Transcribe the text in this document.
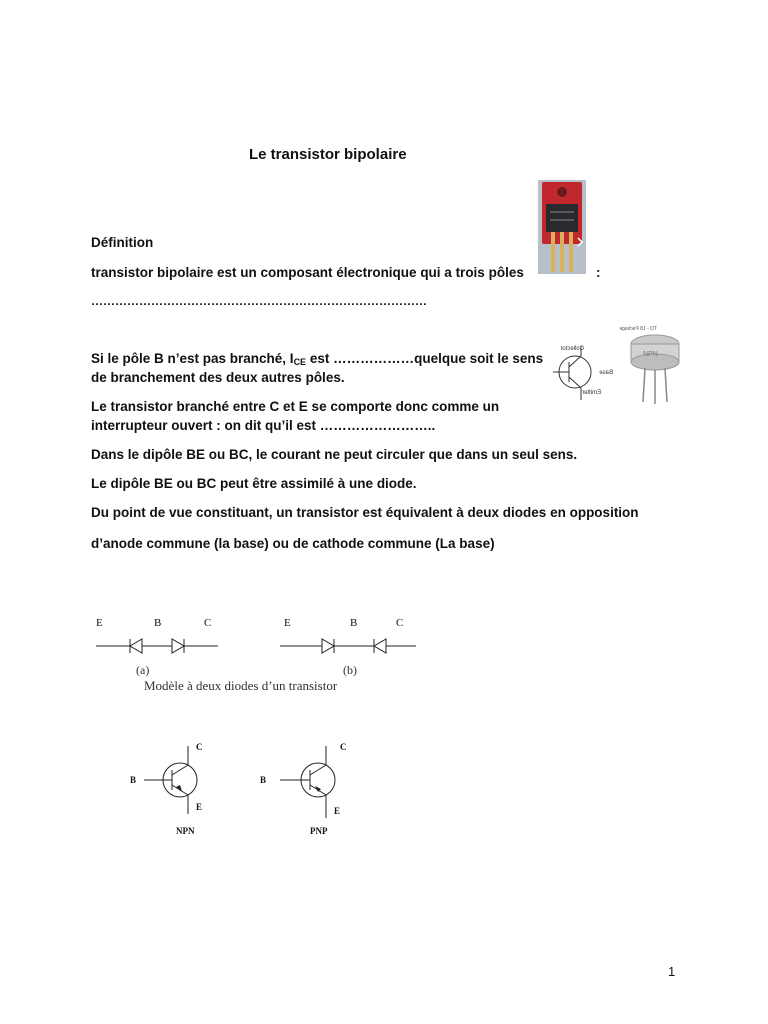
Le transistor bipolaire
Définition
transistor bipolaire est un composant électronique qui a trois pôles	:
…………………………………………………………………………
Si le pôle B n’est pas branché, $I_{CE}$ est ………………quelque soit le sens
de branchement des deux autres pôles.
Le transistor branché entre C et E se comporte donc comme un
interrupteur ouvert : on dit qu’il est ……………………..
Dans le dipôle BE ou BC, le courant ne peut circuler que dans un seul sens.
Le dipôle BE ou BC peut être assimilé à une diode.
Du point de vue constituant, un transistor est équivalent à deux diodes en opposition
d’anode commune (la base) ou de cathode commune (La base)
Collector
Base
Emitter
TO - 18 Package
NPN
E	B	C	E	B	C
(a)	(b)
Modèle à deux diodes d’un transistor
C
B
E
NPN
C
B
E
PNP
1
